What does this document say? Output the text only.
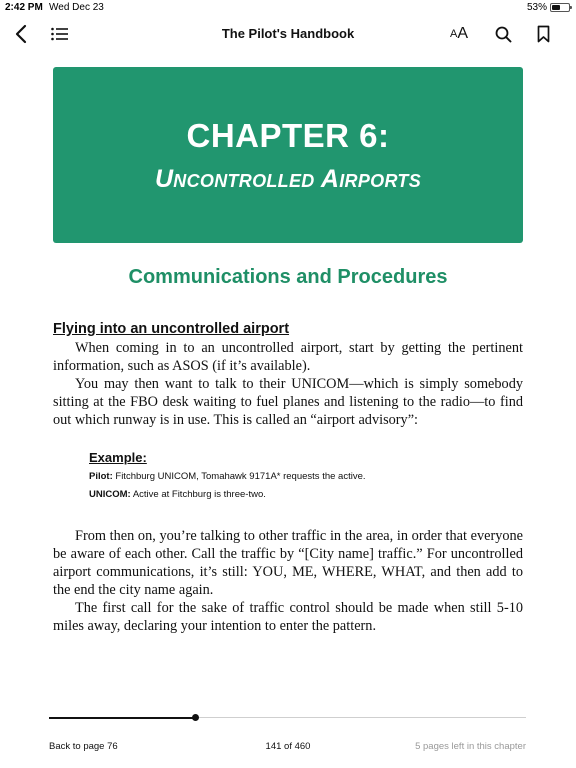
2:42 PM Wed Dec 23	53%
The Pilot's Handbook	A A
CHAPTER 6:
Uncontrolled Airports
Communications and Procedures
Flying into an uncontrolled airport

When coming in to an uncontrolled airport, start by getting the pertinent information, such as ASOS (if it’s available).

You may then want to talk to their UNICOM—which is simply somebody sitting at the FBO desk waiting to fuel planes and listening to the radio—to find out which runway is in use. This is called an “airport advisory”:

Example:
Pilot: Fitchburg UNICOM, Tomahawk 9171A* requests the active.
UNICOM: Active at Fitchburg is three-two.

From then on, you’re talking to other traffic in the area, in order that everyone be aware of each other. Call the traffic by “[City name] traffic.” For uncontrolled airport communications, it’s still: YOU, ME, WHERE, WHAT, and then add to the end the city name again.

The first call for the sake of traffic control should be made when still 5-10 miles away, declaring your intention to enter the pattern.

Back to page 76	141 of 460	5 pages left in this chapter
